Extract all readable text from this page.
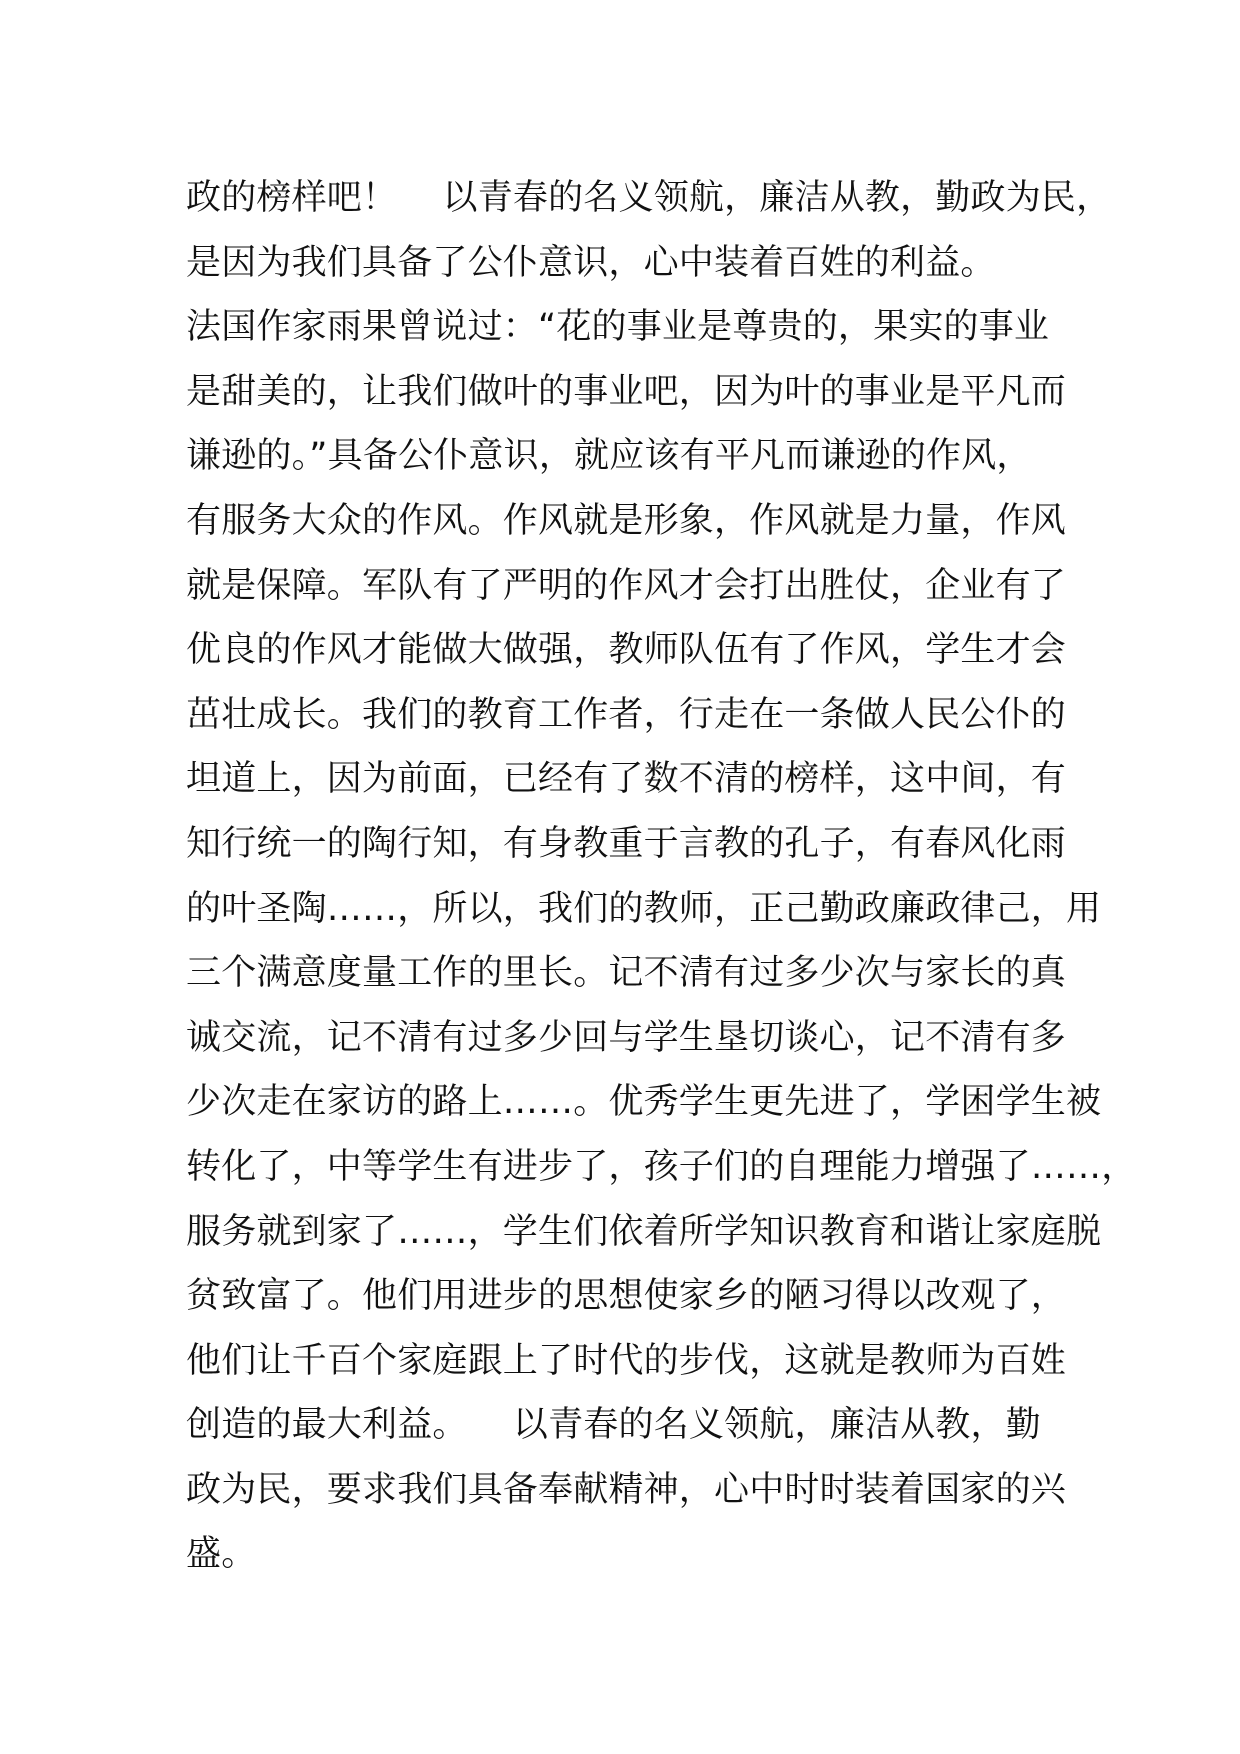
政的榜样吧！    以青春的名义领航，廉洁从教，勤政为民，
是因为我们具备了公仆意识，心中装着百姓的利益。
法国作家雨果曾说过：“花的事业是尊贵的，果实的事业
是甜美的，让我们做叶的事业吧，因为叶的事业是平凡而
谦逊的。”具备公仆意识，就应该有平凡而谦逊的作风，
有服务大众的作风。作风就是形象，作风就是力量，作风
就是保障。军队有了严明的作风才会打出胜仗，企业有了
优良的作风才能做大做强，教师队伍有了作风，学生才会
茁壮成长。我们的教育工作者，行走在一条做人民公仆的
坦道上，因为前面，已经有了数不清的榜样，这中间，有
知行统一的陶行知，有身教重于言教的孔子，有春风化雨
的叶圣陶……，所以，我们的教师，正己勤政廉政律己，用
三个满意度量工作的里长。记不清有过多少次与家长的真
诚交流，记不清有过多少回与学生垦切谈心，记不清有多
少次走在家访的路上……。优秀学生更先进了，学困学生被
转化了，中等学生有进步了，孩子们的自理能力增强了……，
服务就到家了……，学生们依着所学知识教育和谐让家庭脱
贫致富了。他们用进步的思想使家乡的陋习得以改观了，
他们让千百个家庭跟上了时代的步伐，这就是教师为百姓
创造的最大利益。    以青春的名义领航，廉洁从教，勤
政为民，要求我们具备奉献精神，心中时时装着国家的兴
盛。
